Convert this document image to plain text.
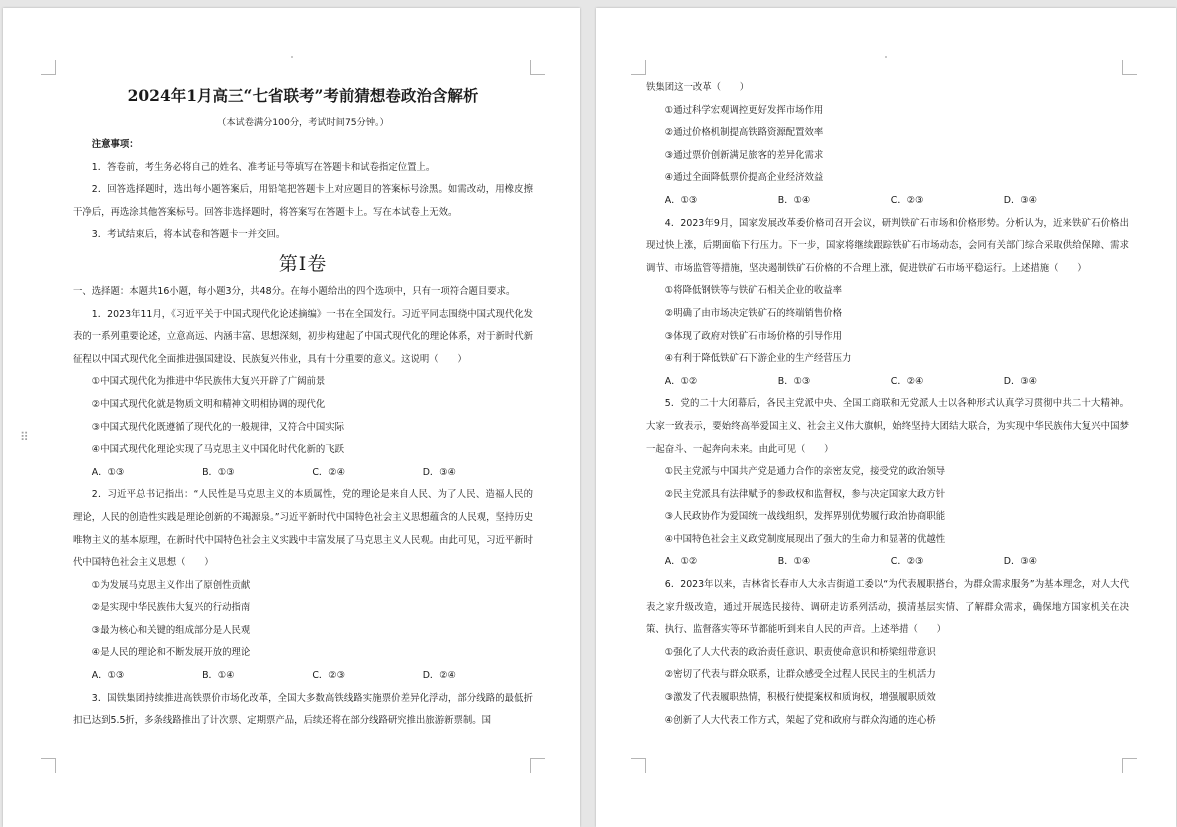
2024年1月高三“七省联考”考前猜想卷政治含解析
（本试卷满分100分，考试时间75分钟。）

注意事项：

1．答卷前，考生务必将自己的姓名、准考证号等填写在答题卡和试卷指定位置上。

2．回答选择题时，选出每小题答案后，用铅笔把答题卡上对应题目的答案标号涂黑。如需改动，用橡皮擦干净后，再选涂其他答案标号。回答非选择题时，将答案写在答题卡上。写在本试卷上无效。

3．考试结束后，将本试卷和答题卡一并交回。

第Ⅰ卷

一、选择题：本题共16小题，每小题3分，共48分。在每小题给出的四个选项中，只有一项符合题目要求。

1．2023年11月，《习近平关于中国式现代化论述摘编》一书在全国发行。习近平同志围绕中国式现代化发表的一系列重要论述，立意高远、内涵丰富、思想深刻，初步构建起了中国式现代化的理论体系，对于新时代新征程以中国式现代化全面推进强国建设、民族复兴伟业，具有十分重要的意义。这说明（　　）

①中国式现代化为推进中华民族伟大复兴开辟了广阔前景
②中国式现代化就是物质文明和精神文明相协调的现代化
③中国式现代化既遵循了现代化的一般规律，又符合中国实际
④中国式现代化理论实现了马克思主义中国化时代化新的飞跃
A．①③	B．①③	C．②④	D．③④

2．习近平总书记指出：“人民性是马克思主义的本质属性，党的理论是来自人民、为了人民、造福人民的理论，人民的创造性实践是理论创新的不竭源泉。”习近平新时代中国特色社会主义思想蕴含的人民观，坚持历史唯物主义的基本原理，在新时代中国特色社会主义实践中丰富发展了马克思主义人民观。由此可见，习近平新时代中国特色社会主义思想（　　）

①为发展马克思主义作出了原创性贡献
②是实现中华民族伟大复兴的行动指南
③最为核心和关键的组成部分是人民观
④是人民的理论和不断发展开放的理论
A．①③	B．①④	C．②③	D．②④

3．国铁集团持续推进高铁票价市场化改革，全国大多数高铁线路实施票价差异化浮动，部分线路的最低折扣已达到5.5折，多条线路推出了计次票、定期票产品，后续还将在部分线路研究推出旅游新票制。国

⠿
铁集团这一改革（　　）
①通过科学宏观调控更好发挥市场作用
②通过价格机制提高铁路资源配置效率
③通过票价创新满足旅客的差异化需求
④通过全面降低票价提高企业经济效益
A．①③	B．①④	C．②③	D．③④

4．2023年9月，国家发展改革委价格司召开会议，研判铁矿石市场和价格形势。分析认为，近来铁矿石价格出现过快上涨，后期面临下行压力。下一步，国家将继续跟踪铁矿石市场动态，会同有关部门综合采取供给保障、需求调节、市场监管等措施，坚决遏制铁矿石价格的不合理上涨，促进铁矿石市场平稳运行。上述措施（　　）

①将降低钢铁等与铁矿石相关企业的收益率
②明确了由市场决定铁矿石的终端销售价格
③体现了政府对铁矿石市场价格的引导作用
④有利于降低铁矿石下游企业的生产经营压力
A．①②	B．①③	C．②④	D．③④

5．党的二十大闭幕后，各民主党派中央、全国工商联和无党派人士以各种形式认真学习贯彻中共二十大精神。大家一致表示，要始终高举爱国主义、社会主义伟大旗帜，始终坚持大团结大联合，为实现中华民族伟大复兴中国梦一起奋斗、一起奔向未来。由此可见（　　）

①民主党派与中国共产党是通力合作的亲密友党，接受党的政治领导
②民主党派具有法律赋予的参政权和监督权，参与决定国家大政方针
③人民政协作为爱国统一战线组织，发挥界别优势履行政治协商职能
④中国特色社会主义政党制度展现出了强大的生命力和显著的优越性
A．①②	B．①④	C．②③	D．③④

6．2023年以来，吉林省长春市人大永吉街道工委以“为代表履职搭台，为群众需求服务”为基本理念，对人大代表之家升级改造，通过开展选民接待、调研走访系列活动，摸清基层实情、了解群众需求，确保地方国家机关在决策、执行、监督落实等环节都能听到来自人民的声音。上述举措（　　）

①强化了人大代表的政治责任意识、职责使命意识和桥梁纽带意识
②密切了代表与群众联系，让群众感受全过程人民民主的生机活力
③激发了代表履职热情，积极行使提案权和质询权，增强履职质效
④创新了人大代表工作方式，架起了党和政府与群众沟通的连心桥
